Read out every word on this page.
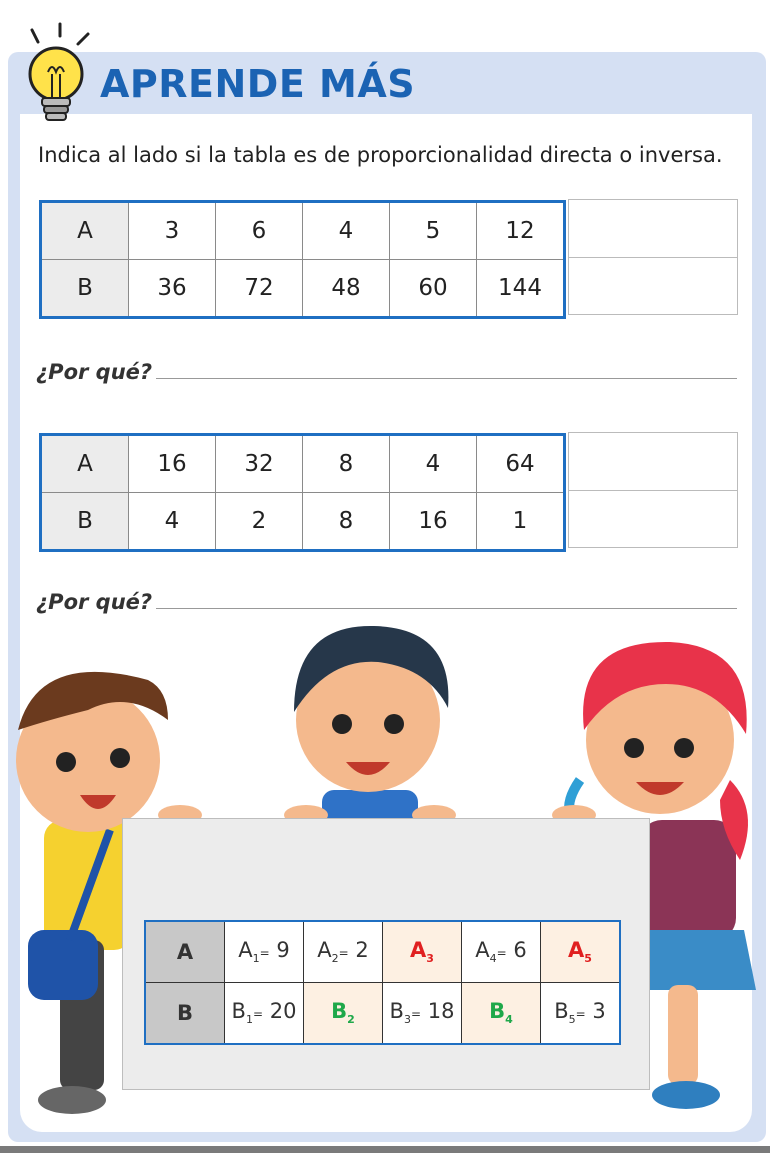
APRENDE MÁS
Indica al lado si la tabla es de proporcionalidad directa o inversa.
A	3	6	4	5	12
B	36	72	48	60	144
¿Por qué?
A	16	32	8	4	64
B	4	2	8	16	1
¿Por qué?
A	$A_1= 9$	$A_2= 2$	$A_3$	$A_4= 6$	$A_5$
B	$B_1= 20$	$B_2$	$B_3= 18$	$B_4$	$B_5= 3$
